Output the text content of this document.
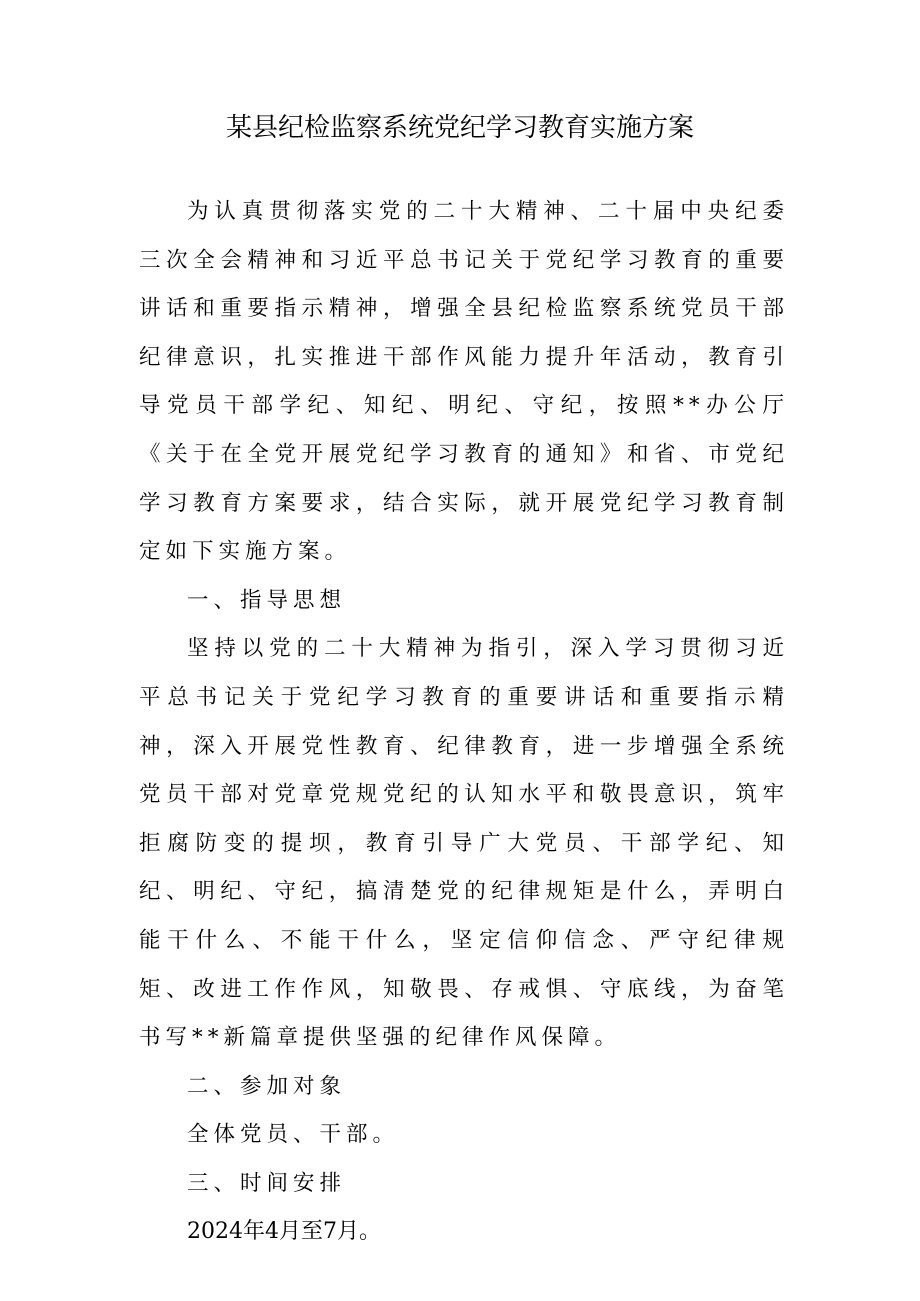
某县纪检监察系统党纪学习教育实施方案

为认真贯彻落实党的二十大精神、二十届中央纪委三次全会精神和习近平总书记关于党纪学习教育的重要讲话和重要指示精神，增强全县纪检监察系统党员干部纪律意识，扎实推进干部作风能力提升年活动，教育引导党员干部学纪、知纪、明纪、守纪，按照**办公厅《关于在全党开展党纪学习教育的通知》和省、市党纪学习教育方案要求，结合实际，就开展党纪学习教育制定如下实施方案。

一、指导思想

坚持以党的二十大精神为指引，深入学习贯彻习近平总书记关于党纪学习教育的重要讲话和重要指示精神，深入开展党性教育、纪律教育，进一步增强全系统党员干部对党章党规党纪的认知水平和敬畏意识，筑牢拒腐防变的提坝，教育引导广大党员、干部学纪、知纪、明纪、守纪，搞清楚党的纪律规矩是什么，弄明白能干什么、不能干什么，坚定信仰信念、严守纪律规矩、改进工作作风，知敬畏、存戒惧、守底线，为奋笔书写**新篇章提供坚强的纪律作风保障。

二、参加对象

全体党员、干部。

三、时间安排

2024年4月至7月。
